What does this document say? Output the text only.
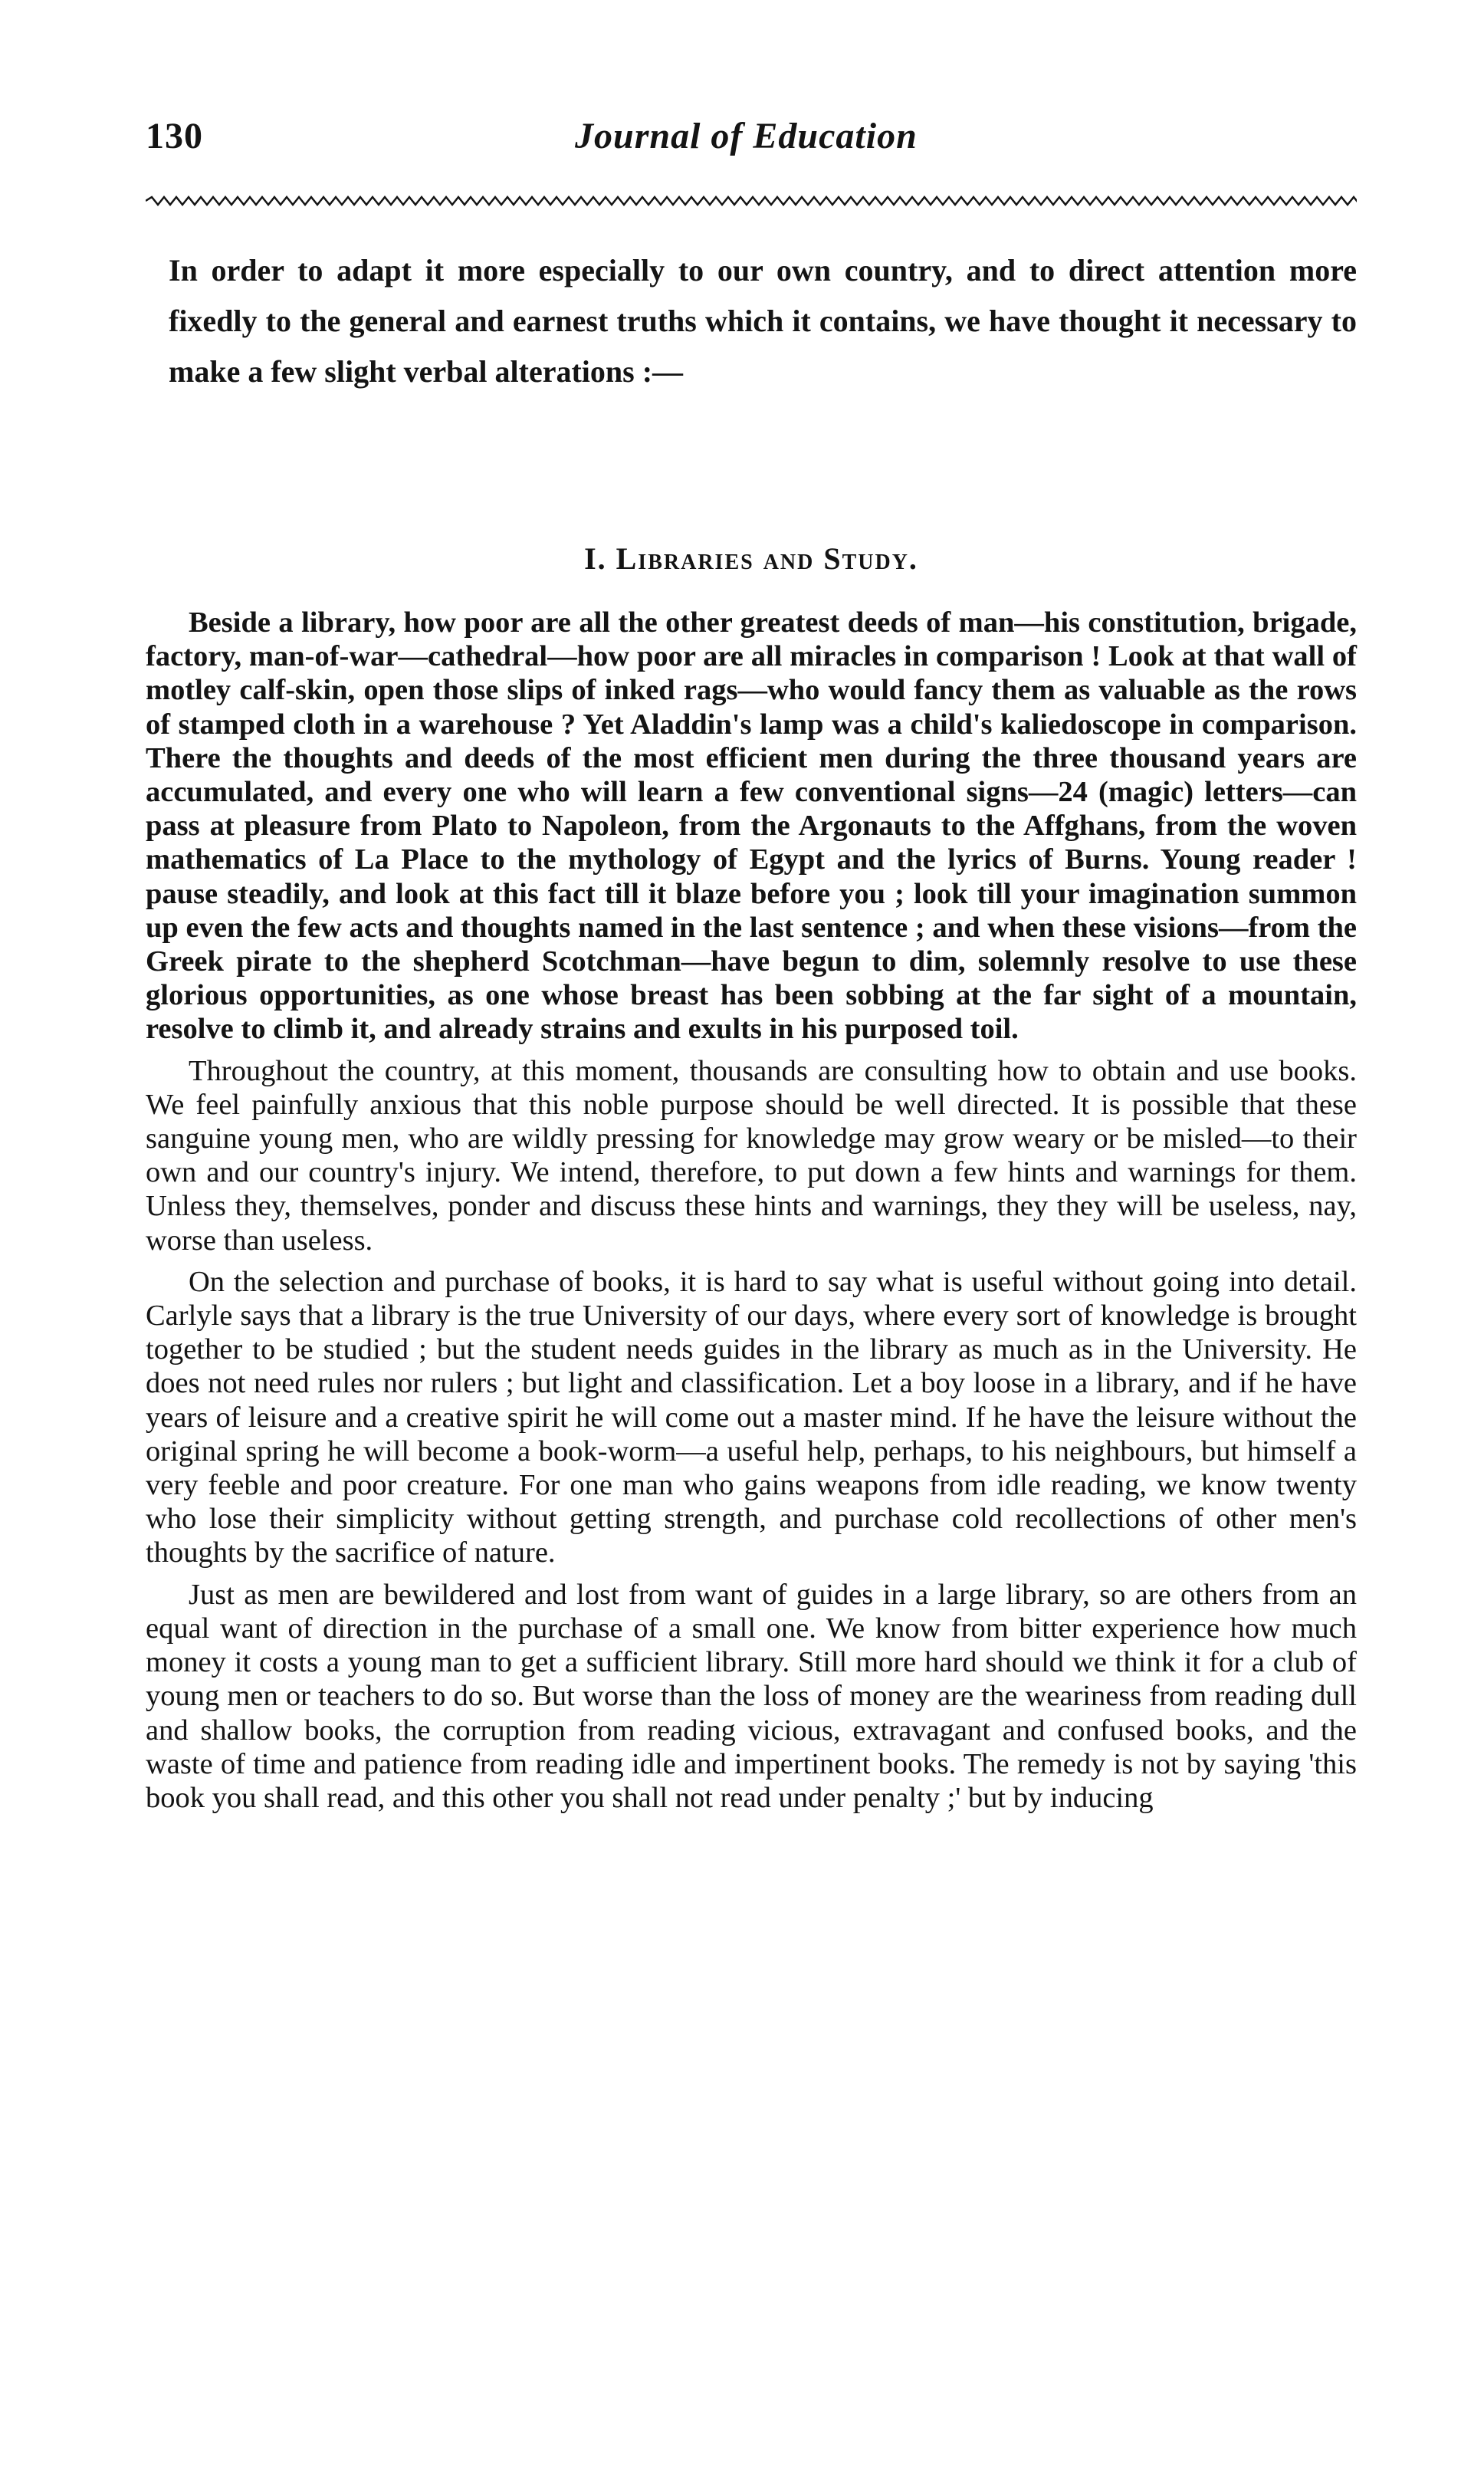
130	Journal of Education

In order to adapt it more especially to our own country, and to direct attention more fixedly to the general and earnest truths which it contains, we have thought it necessary to make a few slight verbal alterations :—

I. Libraries and Study.

Beside a library, how poor are all the other greatest deeds of man—his constitution, brigade, factory, man-of-war—cathedral—how poor are all miracles in comparison ! Look at that wall of motley calf-skin, open those slips of inked rags—who would fancy them as valuable as the rows of stamped cloth in a warehouse ? Yet Aladdin's lamp was a child's kaliedoscope in comparison. There the thoughts and deeds of the most efficient men during the three thousand years are accumulated, and every one who will learn a few conventional signs—24 (magic) letters—can pass at pleasure from Plato to Napoleon, from the Argonauts to the Affghans, from the woven mathematics of La Place to the mythology of Egypt and the lyrics of Burns. Young reader ! pause steadily, and look at this fact till it blaze before you ; look till your imagination summon up even the few acts and thoughts named in the last sentence ; and when these visions—from the Greek pirate to the shepherd Scotchman—have begun to dim, solemnly resolve to use these glorious opportunities, as one whose breast has been sobbing at the far sight of a mountain, resolve to climb it, and already strains and exults in his purposed toil.

Throughout the country, at this moment, thousands are consulting how to obtain and use books. We feel painfully anxious that this noble purpose should be well directed. It is possible that these sanguine young men, who are wildly pressing for knowledge may grow weary or be misled—to their own and our country's injury. We intend, therefore, to put down a few hints and warnings for them. Unless they, themselves, ponder and discuss these hints and warnings, they they will be useless, nay, worse than useless.

On the selection and purchase of books, it is hard to say what is useful without going into detail. Carlyle says that a library is the true University of our days, where every sort of knowledge is brought together to be studied ; but the student needs guides in the library as much as in the University. He does not need rules nor rulers ; but light and classification. Let a boy loose in a library, and if he have years of leisure and a creative spirit he will come out a master mind. If he have the leisure without the original spring he will become a book-worm—a useful help, perhaps, to his neighbours, but himself a very feeble and poor creature. For one man who gains weapons from idle reading, we know twenty who lose their simplicity without getting strength, and purchase cold recollections of other men's thoughts by the sacrifice of nature.

Just as men are bewildered and lost from want of guides in a large library, so are others from an equal want of direction in the purchase of a small one. We know from bitter experience how much money it costs a young man to get a sufficient library. Still more hard should we think it for a club of young men or teachers to do so. But worse than the loss of money are the weariness from reading dull and shallow books, the corruption from reading vicious, extravagant and confused books, and the waste of time and patience from reading idle and impertinent books. The remedy is not by saying 'this book you shall read, and this other you shall not read under penalty ;' but by inducing
